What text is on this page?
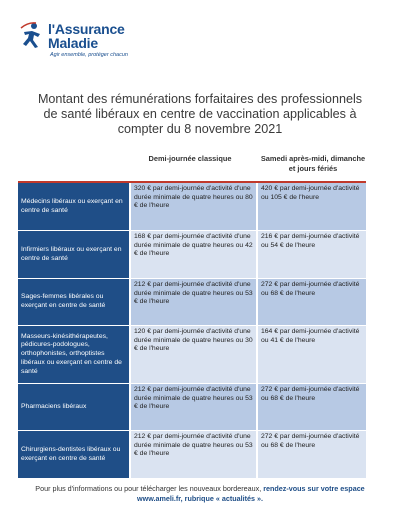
l'Assurance
Maladie
Agir ensemble, protéger chacun
Montant des rémunérations forfaitaires des professionnels de santé libéraux en centre de vaccination applicables à compter du 8 novembre 2021
Demi-journée classique	Samedi après-midi, dimanche et jours fériés
Médecins libéraux ou exerçant en centre de santé
320 € par demi-journée d'activité d'une durée minimale de quatre heures ou 80 € de l'heure
420 € par demi-journée d'activité ou 105 € de l'heure
Infirmiers libéraux ou exerçant en centre de santé
168 € par demi-journée d'activité d'une durée minimale de quatre heures ou 42 € de l'heure
216 € par demi-journée d'activité ou 54 € de l'heure
Sages-femmes libérales ou exerçant en centre de santé
212 € par demi-journée d'activité d'une durée minimale de quatre heures ou 53 € de l'heure
272 € par demi-journée d'activité ou 68 € de l'heure
Masseurs-kinésithérapeutes, pédicures-podologues, orthophonistes, orthoptistes libéraux ou exerçant en centre de santé
120 € par demi-journée d'activité d'une durée minimale de quatre heures ou 30 € de l'heure
164 € par demi-journée d'activité ou 41 € de l'heure
Pharmaciens libéraux
212 € par demi-journée d'activité d'une durée minimale de quatre heures ou 53 € de l'heure
272 € par demi-journée d'activité ou 68 € de l'heure
Chirurgiens-dentistes libéraux ou exerçant en centre de santé
212 € par demi-journée d'activité d'une durée minimale de quatre heures ou 53 € de l'heure
272 € par demi-journée d'activité ou 68 € de l'heure
Pour plus d'informations ou pour télécharger les nouveaux bordereaux, rendez-vous sur votre espace www.ameli.fr, rubrique « actualités ».
